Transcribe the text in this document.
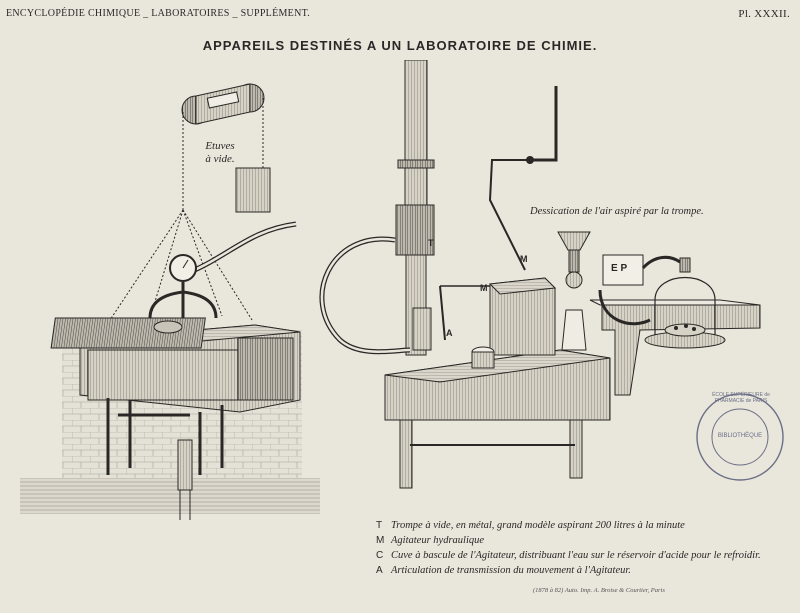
ENCYCLOPÉDIE CHIMIQUE _ LABORATOIRES _ SUPPLÉMENT.	Pl. XXXII.
APPAREILS DESTINÉS A UN LABORATOIRE DE CHIMIE.
Etuves
à vide.
Dessication de l'air aspiré par la trompe.
T
M
M
A
E P
ÉCOLE SUPÉRIEURE de PHARMACIE de PARIS
BIBLIOTHÈQUE
T Trompe à vide, en métal, grand modèle aspirant 200 litres à la minute
M Agitateur hydraulique
C Cuve à bascule de l'Agitateur, distribuant l'eau sur le réservoir d'acide pour le refroidir.
A Articulation de transmission du mouvement à l'Agitateur.
(1878 à 82) Auto. Imp. A. Broise & Courtier, Paris
